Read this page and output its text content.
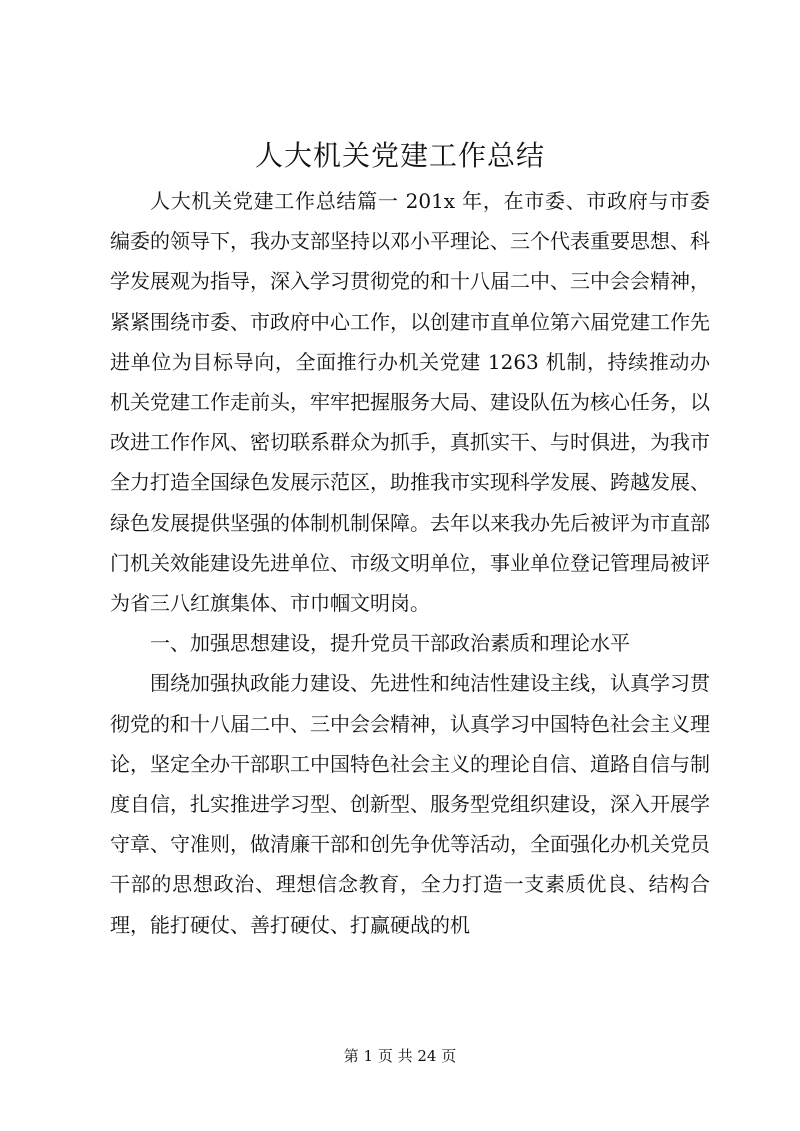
人大机关党建工作总结

人大机关党建工作总结篇一 201x 年，在市委、市政府与市委编委的领导下，我办支部坚持以邓小平理论、三个代表重要思想、科学发展观为指导，深入学习贯彻党的和十八届二中、三中会会精神，紧紧围绕市委、市政府中心工作，以创建市直单位第六届党建工作先进单位为目标导向，全面推行办机关党建 1263 机制，持续推动办机关党建工作走前头，牢牢把握服务大局、建设队伍为核心任务，以改进工作作风、密切联系群众为抓手，真抓实干、与时俱进，为我市全力打造全国绿色发展示范区，助推我市实现科学发展、跨越发展、绿色发展提供坚强的体制机制保障。去年以来我办先后被评为市直部门机关效能建设先进单位、市级文明单位，事业单位登记管理局被评为省三八红旗集体、市巾帼文明岗。

一、加强思想建设，提升党员干部政治素质和理论水平

围绕加强执政能力建设、先进性和纯洁性建设主线，认真学习贯彻党的和十八届二中、三中会会精神，认真学习中国特色社会主义理论，坚定全办干部职工中国特色社会主义的理论自信、道路自信与制度自信，扎实推进学习型、创新型、服务型党组织建设，深入开展学守章、守准则，做清廉干部和创先争优等活动，全面强化办机关党员干部的思想政治、理想信念教育，全力打造一支素质优良、结构合理，能打硬仗、善打硬仗、打赢硬战的机

第 1 页 共 24 页
